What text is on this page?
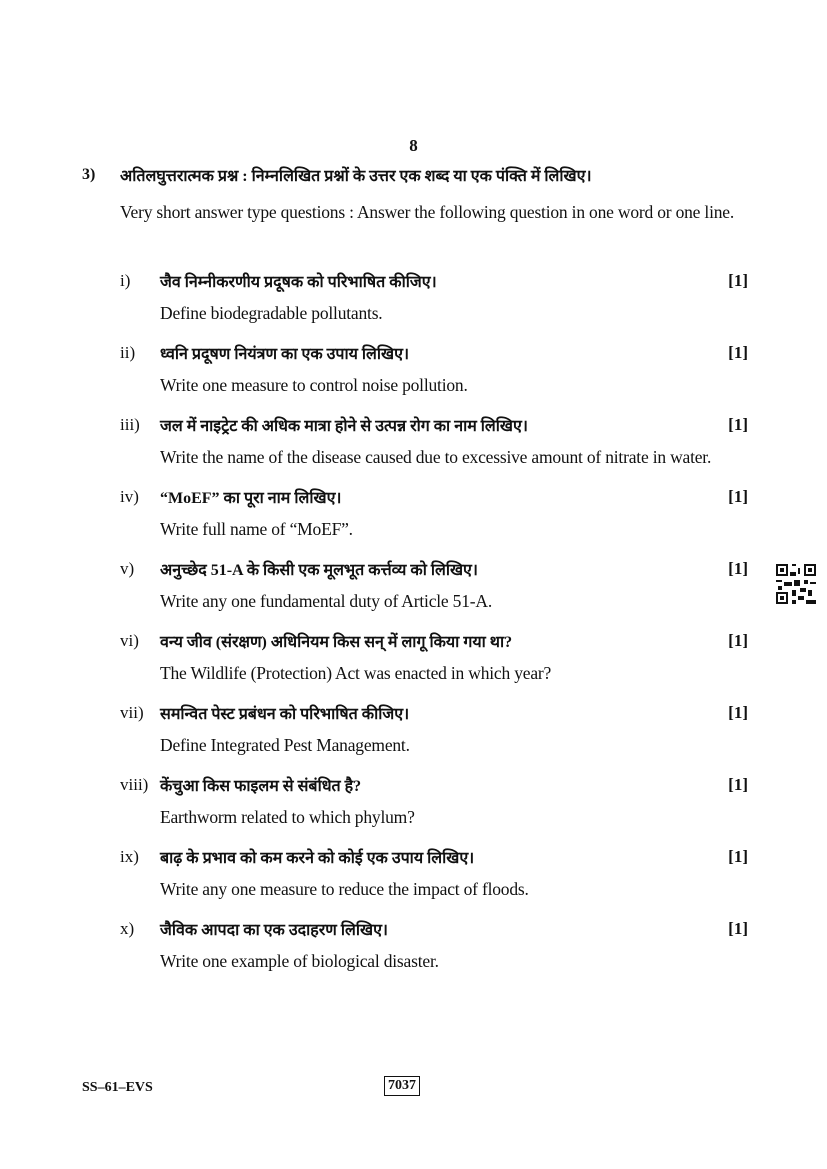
8
3)	अतिलघुत्तरात्मक प्रश्न : निम्नलिखित प्रश्नों के उत्तर एक शब्द या एक पंक्ति में लिखिए।
Very short answer type questions : Answer the following question in one word or one line.
i)	जैव निम्नीकरणीय प्रदूषक को परिभाषित कीजिए।	[1]
Define biodegradable pollutants.
ii)	ध्वनि प्रदूषण नियंत्रण का एक उपाय लिखिए।	[1]
Write one measure to control noise pollution.
iii)	जल में नाइट्रेट की अधिक मात्रा होने से उत्पन्न रोग का नाम लिखिए।	[1]
Write the name of the disease caused due to excessive amount of nitrate in water.
iv)	“MoEF” का पूरा नाम लिखिए।	[1]
Write full name of “MoEF”.
v)	अनुच्छेद 51-A के किसी एक मूलभूत कर्त्तव्य को लिखिए।	[1]
Write any one fundamental duty of Article 51-A.
vi)	वन्य जीव (संरक्षण) अधिनियम किस सन् में लागू किया गया था?	[1]
The Wildlife (Protection) Act was enacted in which year?
vii)	समन्वित पेस्ट प्रबंधन को परिभाषित कीजिए।	[1]
Define Integrated Pest Management.
viii) केंचुआ किस फाइलम से संबंधित है?	[1]
Earthworm related to which phylum?
ix)	बाढ़ के प्रभाव को कम करने को कोई एक उपाय लिखिए।	[1]
Write any one measure to reduce the impact of floods.
x)	जैविक आपदा का एक उदाहरण लिखिए।	[1]
Write one example of biological disaster.
SS–61–EVS	7037
